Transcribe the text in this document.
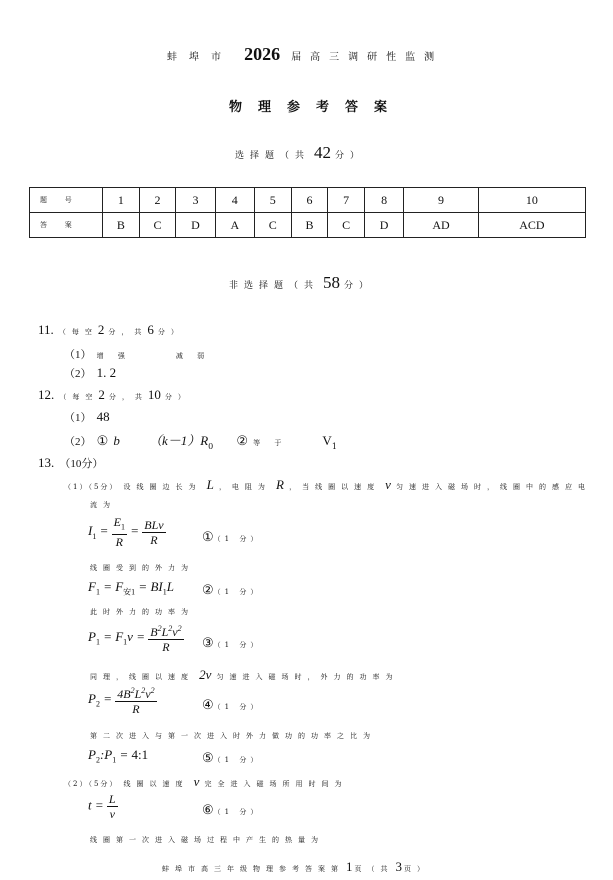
蚌埠市 2026 届高三调研性监测
物理参考答案
选择题（共 42 分）
题 号	1	2	3	4	5	6	7	8	9	10
答 案	B	C	D	A	C	B	C	D	AD	ACD
非选择题（共 58 分）
11. （每空2 分，共6 分）
（1） 增 强	减 弱
（2） 1. 2
12. （每空2 分，共10 分）
（1） 48
（2） ① b $(k-1)R_0$ ② 等 于	$V_1$
13. （10分）
（1）（5分） 设线圈边长为 L ，电阻为 R ，当线圈以速度 v 匀速进入磁场时，线圈中的感应电
流为
$I_1 = \frac{E_1}{R} = \frac{\text{BLv}}{R}$	①（1 分）
线圈受到的外力为
$F_1 = F_{安1} = BI_1L$ ②（1 分）
此时外力的功率为
$P_1 = F_1v = \frac{B^2L^2v^2}{R}$ ③（1 分）
同理，线圈以速度 2v 匀速进入磁场时，外力的功率为
$P_2 = \frac{4B^2L^2v^2}{R}$	④（1 分）
第二次进入与第一次进入时外力做功的功率之比为
$P_2:P_1$ = 4:1	⑤（1 分）
（2）（5分） 线圈以速度 v 完全进入磁场所用时间为
$t = \frac{L}{v}$	⑥（1 分）
线圈第一次进入磁场过程中产生的热量为
蚌埠市高三年级物理参考答案第 1 页（共 3 页）
